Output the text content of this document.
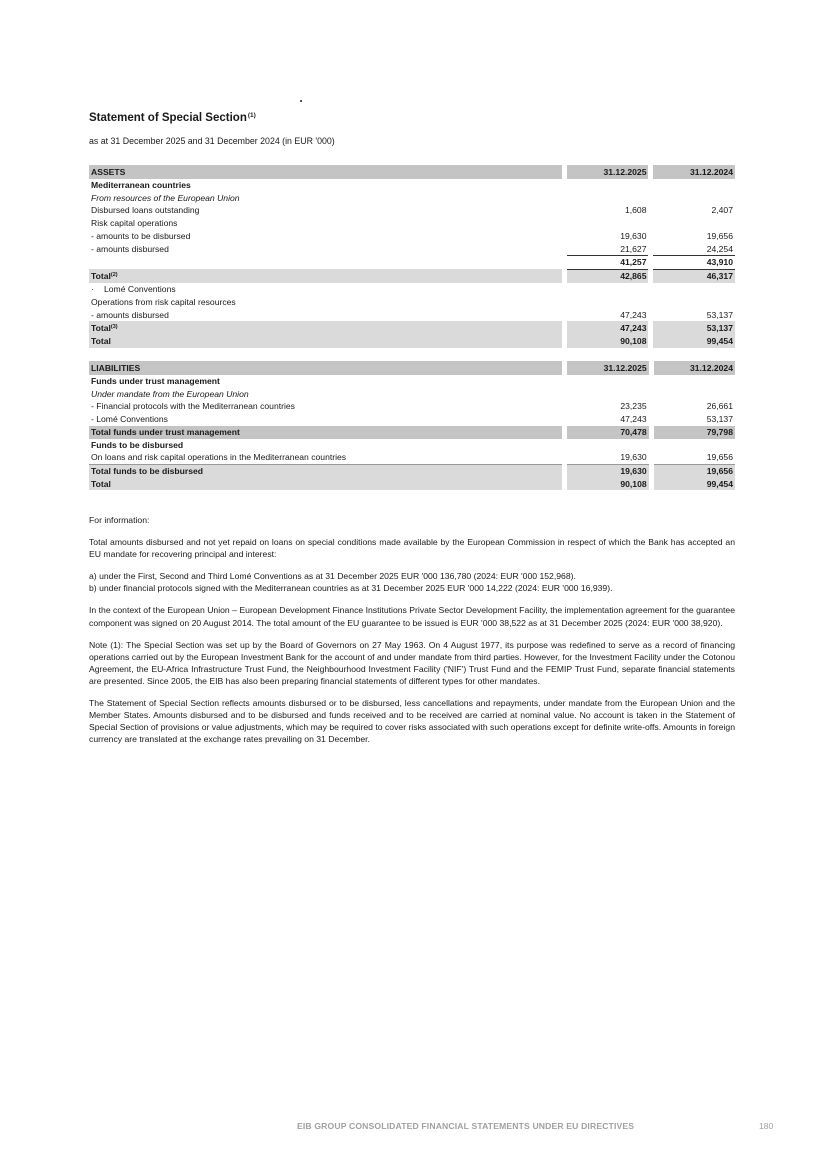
Statement of Special Section$^{(1)}$
as at 31 December 2025 and 31 December 2024 (in EUR '000)
ASSETS		31.12.2025		31.12.2024
Mediterranean countries				
From resources of the European Union				
Disbursed loans outstanding		1,608		2,407
Risk capital operations				
- amounts to be disbursed		19,630		19,656
- amounts disbursed		21,627		24,254
		41,257		43,910
Total$^{(2)}$		42,865		46,317
· Lomé Conventions				
Operations from risk capital resources				
- amounts disbursed		47,243		53,137
Total$^{(3)}$		47,243		53,137
Total		90,108		99,454
LIABILITIES		31.12.2025		31.12.2024
Funds under trust management				
Under mandate from the European Union				
- Financial protocols with the Mediterranean countries		23,235		26,661
- Lomé Conventions		47,243		53,137
Total funds under trust management		70,478		79,798
Funds to be disbursed				
On loans and risk capital operations in the Mediterranean countries		19,630		19,656
Total funds to be disbursed		19,630		19,656
Total		90,108		99,454

For information:

Total amounts disbursed and not yet repaid on loans on special conditions made available by the European Commission in respect of which the Bank has accepted an EU mandate for recovering principal and interest:

a) under the First, Second and Third Lomé Conventions as at 31 December 2025 EUR '000 136,780 (2024: EUR '000 152,968).

b) under financial protocols signed with the Mediterranean countries as at 31 December 2025 EUR '000 14,222 (2024: EUR '000 16,939).

In the context of the European Union – European Development Finance Institutions Private Sector Development Facility, the implementation agreement for the guarantee component was signed on 20 August 2014. The total amount of the EU guarantee to be issued is EUR '000 38,522 as at 31 December 2025 (2024: EUR '000 38,920).

Note (1): The Special Section was set up by the Board of Governors on 27 May 1963. On 4 August 1977, its purpose was redefined to serve as a record of financing operations carried out by the European Investment Bank for the account of and under mandate from third parties. However, for the Investment Facility under the Cotonou Agreement, the EU-Africa Infrastructure Trust Fund, the Neighbourhood Investment Facility ('NIF') Trust Fund and the FEMIP Trust Fund, separate financial statements are presented. Since 2005, the EIB has also been preparing financial statements of different types for other mandates.

The Statement of Special Section reflects amounts disbursed or to be disbursed, less cancellations and repayments, under mandate from the European Union and the Member States. Amounts disbursed and to be disbursed and funds received and to be received are carried at nominal value. No account is taken in the Statement of Special Section of provisions or value adjustments, which may be required to cover risks associated with such operations except for definite write-offs. Amounts in foreign currency are translated at the exchange rates prevailing on 31 December.

EIB GROUP CONSOLIDATED FINANCIAL STATEMENTS UNDER EU DIRECTIVES	180
